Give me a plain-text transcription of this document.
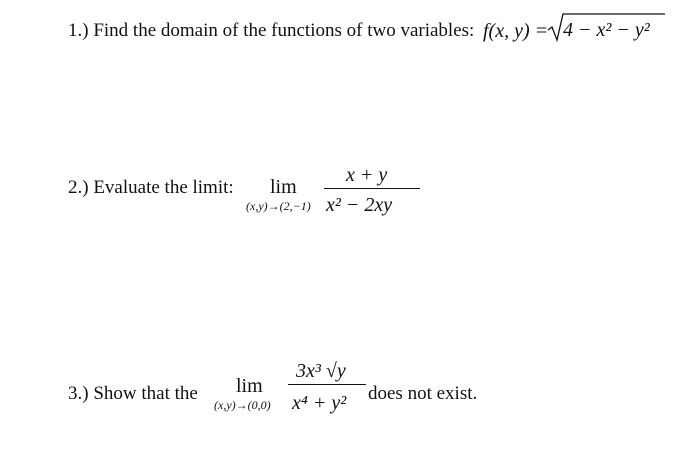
1.) Find the domain of the functions of two variables: f(x, y) = 4 − x² − y²
2.) Evaluate the limit: lim
(x,y)→(2,−1)
x + y
x² − 2xy
3.) Show that the lim
(x,y)→(0,0)
3x³ √y
x⁴ + y² does not exist.
